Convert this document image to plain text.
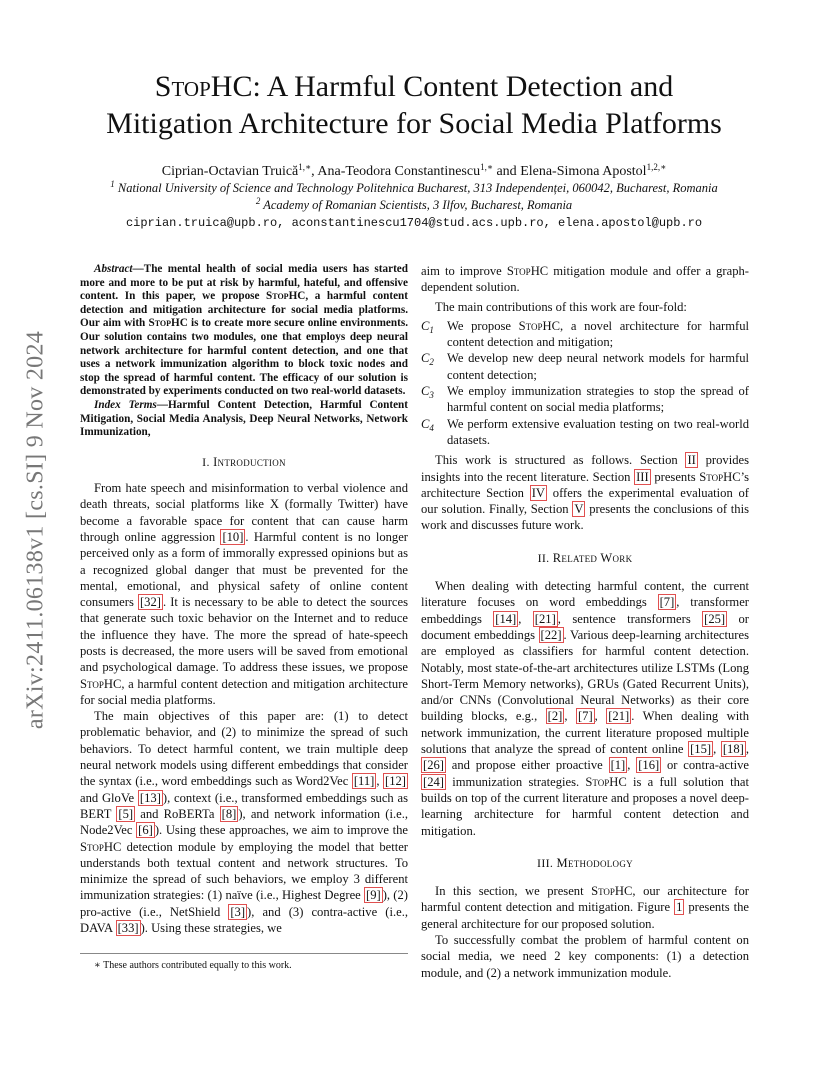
arXiv:2411.06138v1 [cs.SI] 9 Nov 2024
StopHC: A Harmful Content Detection and
Mitigation Architecture for Social Media Platforms
Ciprian-Octavian Truică$^{1,∗}$, Ana-Teodora Constantinescu$^{1,∗}$ and Elena-Simona Apostol$^{1,2,∗}$
$^1$ National University of Science and Technology Politehnica Bucharest, 313 Independenței, 060042, Bucharest, Romania
$^2$ Academy of Romanian Scientists, 3 Ilfov, Bucharest, Romania
ciprian.truica@upb.ro, aconstantinescu1704@stud.acs.upb.ro, elena.apostol@upb.ro

Abstract—The mental health of social media users has started more and more to be put at risk by harmful, hateful, and offensive content. In this paper, we propose StopHC, a harmful content detection and mitigation architecture for social media platforms. Our aim with StopHC is to create more secure online environments. Our solution contains two modules, one that employs deep neural network architecture for harmful content detection, and one that uses a network immunization algorithm to block toxic nodes and stop the spread of harmful content. The efficacy of our solution is demonstrated by experiments conducted on two real-world datasets.

Index Terms—Harmful Content Detection, Harmful Content Mitigation, Social Media Analysis, Deep Neural Networks, Network Immunization,

I. Introduction

From hate speech and misinformation to verbal violence and death threats, social platforms like X (formally Twitter) have become a favorable space for content that can cause harm through online aggression [10] . Harmful content is no longer perceived only as a form of immorally expressed opinions but as a recognized global danger that must be prevented for the mental, emotional, and physical safety of online content consumers [32] . It is necessary to be able to detect the sources that generate such toxic behavior on the Internet and to reduce the influence they have. The more the spread of hate-speech posts is decreased, the more users will be saved from emotional and psychological damage. To address these issues, we propose StopHC, a harmful content detection and mitigation architecture for social media platforms.

The main objectives of this paper are: (1) to detect problematic behavior, and (2) to minimize the spread of such behaviors. To detect harmful content, we train multiple deep neural network models using different embeddings that consider the syntax (i.e., word embeddings such as Word2Vec [11] , [12] and GloVe [13] ), context (i.e., transformed embeddings such as BERT [5] and RoBERTa [8] ), and network information (i.e., Node2Vec [6] ). Using these approaches, we aim to improve the StopHC detection module by employing the model that better understands both textual content and network structures. To minimize the spread of such behaviors, we employ 3 different immunization strategies: (1) naïve (i.e., Highest Degree [9] ), (2) pro-active (i.e., NetShield [3] ), and (3) contra-active (i.e., DAVA [33] ). Using these strategies, we

∗ These authors contributed equally to this work.

aim to improve StopHC mitigation module and offer a graph-dependent solution.

The main contributions of this work are four-fold:

$C_1$	We propose StopHC, a novel architecture for harmful content detection and mitigation;
$C_2$	We develop new deep neural network models for harmful content detection;
$C_3$	We employ immunization strategies to stop the spread of harmful content on social media platforms;
$C_4$	We perform extensive evaluation testing on two real-world datasets.

This work is structured as follows. Section II provides insights into the recent literature. Section III presents StopHC’s architecture Section IV offers the experimental evaluation of our solution. Finally, Section V presents the conclusions of this work and discusses future work.

II. Related Work

When dealing with detecting harmful content, the current literature focuses on word embeddings [7] , transformer embeddings [14] , [21] , sentence transformers [25] or document embeddings [22] . Various deep-learning architectures are employed as classifiers for harmful content detection. Notably, most state-of-the-art architectures utilize LSTMs (Long Short-Term Memory networks), GRUs (Gated Recurrent Units), and/or CNNs (Convolutional Neural Networks) as their core building blocks, e.g., [2] , [7] , [21] . When dealing with network immunization, the current literature proposed multiple solutions that analyze the spread of content online [15] , [18] , [26] and propose either proactive [1] , [16] or contra-active [24] immunization strategies. StopHC is a full solution that builds on top of the current literature and proposes a novel deep-learning architecture for harmful content detection and mitigation.

III. Methodology

In this section, we present StopHC, our architecture for harmful content detection and mitigation. Figure 1 presents the general architecture for our proposed solution.

To successfully combat the problem of harmful content on social media, we need 2 key components: (1) a detection module, and (2) a network immunization module.
